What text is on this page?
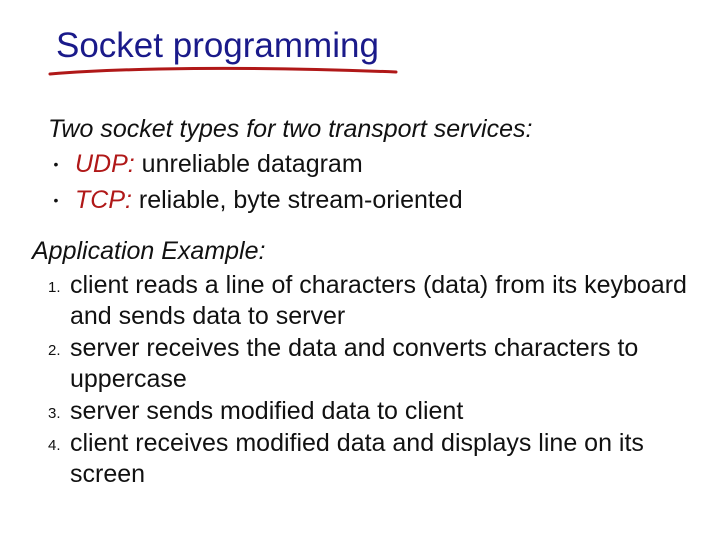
Socket programming
Two socket types for two transport services:
• UDP: unreliable datagram
• TCP: reliable, byte stream-oriented
Application Example:
1. client reads a line of characters (data) from its keyboard and sends data to server
2. server receives the data and converts characters to uppercase
3. server sends modified data to client
4. client receives modified data and displays line on its screen
